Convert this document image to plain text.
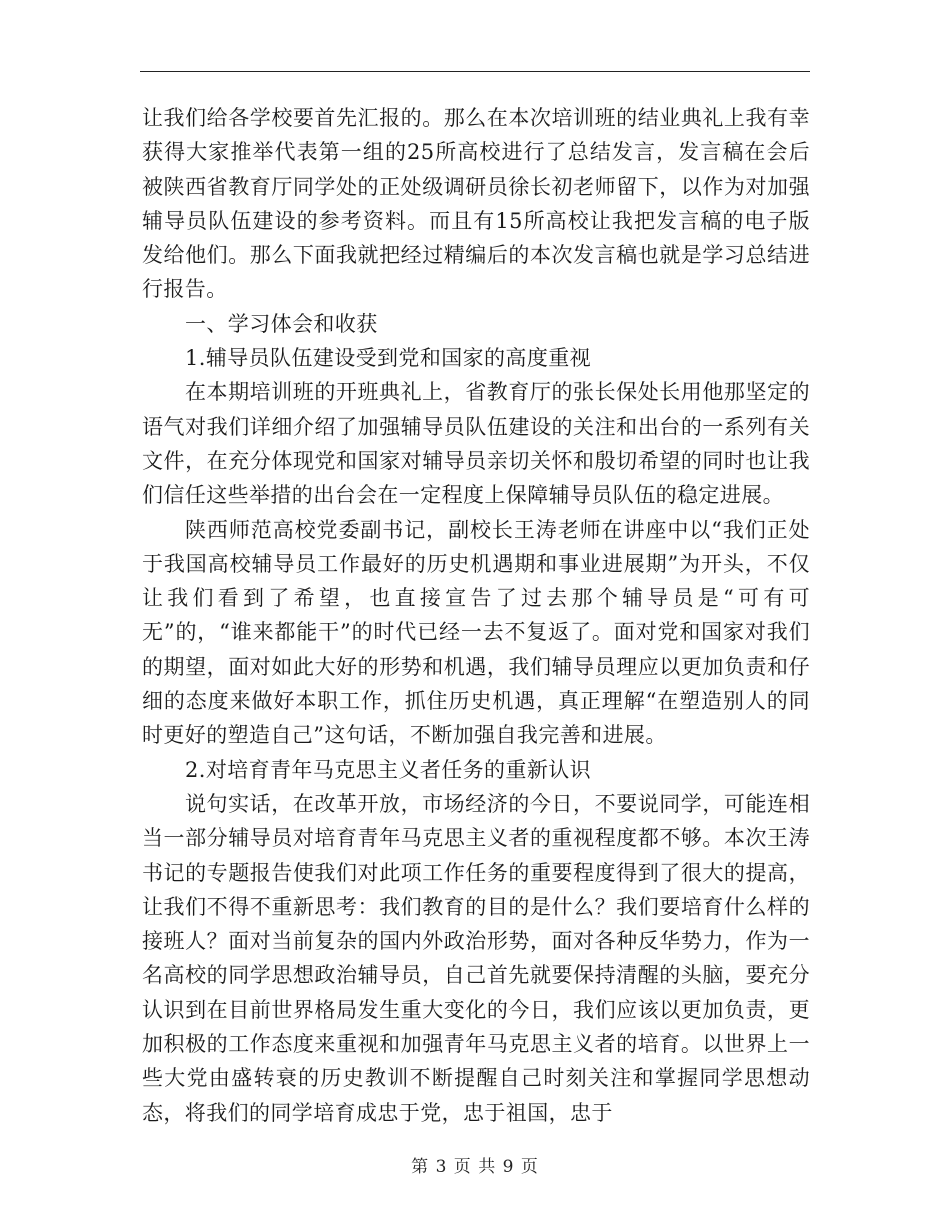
让我们给各学校要首先汇报的。那么在本次培训班的结业典礼上我有幸获得大家推举代表第一组的25所高校进行了总结发言，发言稿在会后被陕西省教育厅同学处的正处级调研员徐长初老师留下，以作为对加强辅导员队伍建设的参考资料。而且有15所高校让我把发言稿的电子版发给他们。那么下面我就把经过精编后的本次发言稿也就是学习总结进行报告。

一、学习体会和收获

1.辅导员队伍建设受到党和国家的高度重视

在本期培训班的开班典礼上，省教育厅的张长保处长用他那坚定的语气对我们详细介绍了加强辅导员队伍建设的关注和出台的一系列有关文件，在充分体现党和国家对辅导员亲切关怀和殷切希望的同时也让我们信任这些举措的出台会在一定程度上保障辅导员队伍的稳定进展。

陕西师范高校党委副书记，副校长王涛老师在讲座中以“我们正处于我国高校辅导员工作最好的历史机遇期和事业进展期”为开头，不仅让我们看到了希望，也直接宣告了过去那个辅导员是“可有可无”的，“谁来都能干”的时代已经一去不复返了。面对党和国家对我们的期望，面对如此大好的形势和机遇，我们辅导员理应以更加负责和仔细的态度来做好本职工作，抓住历史机遇，真正理解“在塑造别人的同时更好的塑造自己”这句话，不断加强自我完善和进展。

2.对培育青年马克思主义者任务的重新认识

说句实话，在改革开放，市场经济的今日，不要说同学，可能连相当一部分辅导员对培育青年马克思主义者的重视程度都不够。本次王涛书记的专题报告使我们对此项工作任务的重要程度得到了很大的提高，让我们不得不重新思考：我们教育的目的是什么？我们要培育什么样的接班人？面对当前复杂的国内外政治形势，面对各种反华势力，作为一名高校的同学思想政治辅导员，自己首先就要保持清醒的头脑，要充分认识到在目前世界格局发生重大变化的今日，我们应该以更加负责，更加积极的工作态度来重视和加强青年马克思主义者的培育。以世界上一些大党由盛转衰的历史教训不断提醒自己时刻关注和掌握同学思想动态，将我们的同学培育成忠于党，忠于祖国，忠于

第 3 页 共 9 页
